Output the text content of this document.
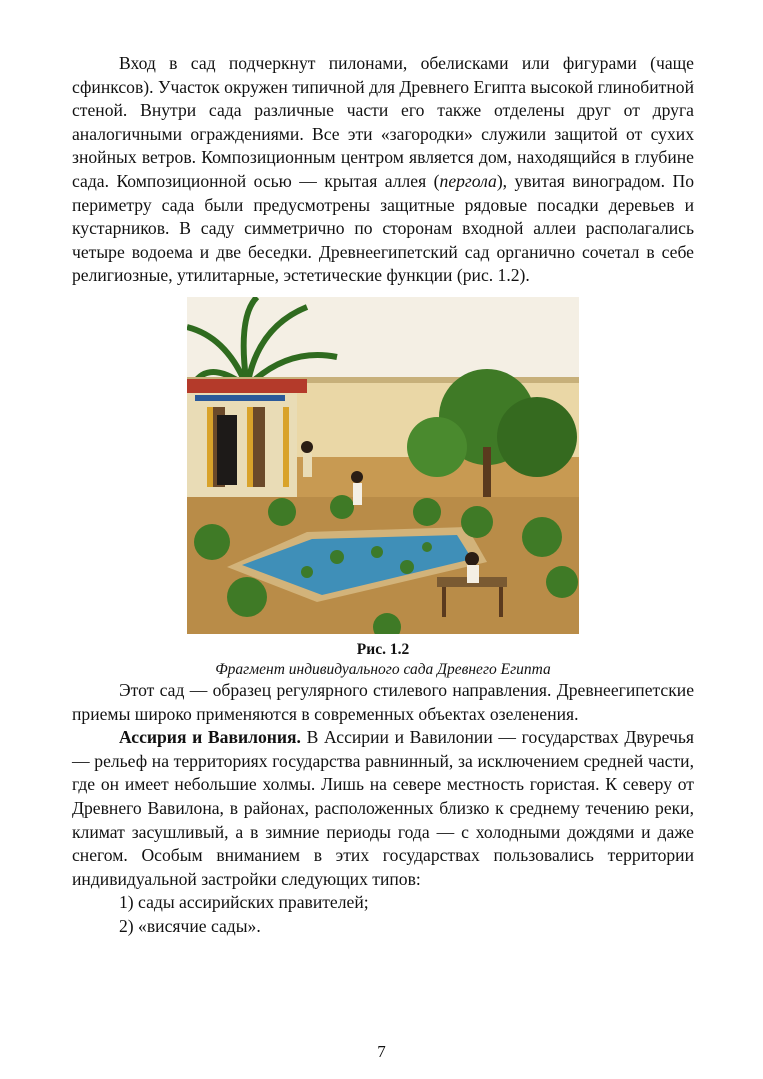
Вход в сад подчеркнут пилонами, обелисками или фигурами (чаще сфинксов). Участок окружен типичной для Древнего Египта высокой глинобитной стеной. Внутри сада различные части его также отделены друг от друга аналогичными ограждениями. Все эти «загородки» служили защитой от сухих знойных ветров. Композиционным центром является дом, находящийся в глубине сада. Композиционной осью — крытая аллея (пергола), увитая виноградом. По периметру сада были предусмотрены защитные рядовые посадки деревьев и кустарников. В саду симметрично по сторонам входной аллеи располагались четыре водоема и две беседки. Древнеегипетский сад органично сочетал в себе религиозные, утилитарные, эстетические функции (рис. 1.2).

Рис. 1.2
Фрагмент индивидуального сада Древнего Египта

Этот сад — образец регулярного стилевого направления. Древнеегипетские приемы широко применяются в современных объектах озеленения.

Ассирия и Вавилония. В Ассирии и Вавилонии — государствах Двуречья — рельеф на территориях государства равнинный, за исключением средней части, где он имеет небольшие холмы. Лишь на севере местность гористая. К северу от Древнего Вавилона, в районах, расположенных близко к среднему течению реки, климат засушливый, а в зимние периоды года — с холодными дождями и даже снегом. Особым вниманием в этих государствах пользовались территории индивидуальной застройки следующих типов:

1) сады ассирийских правителей;

2) «висячие сады».

7
